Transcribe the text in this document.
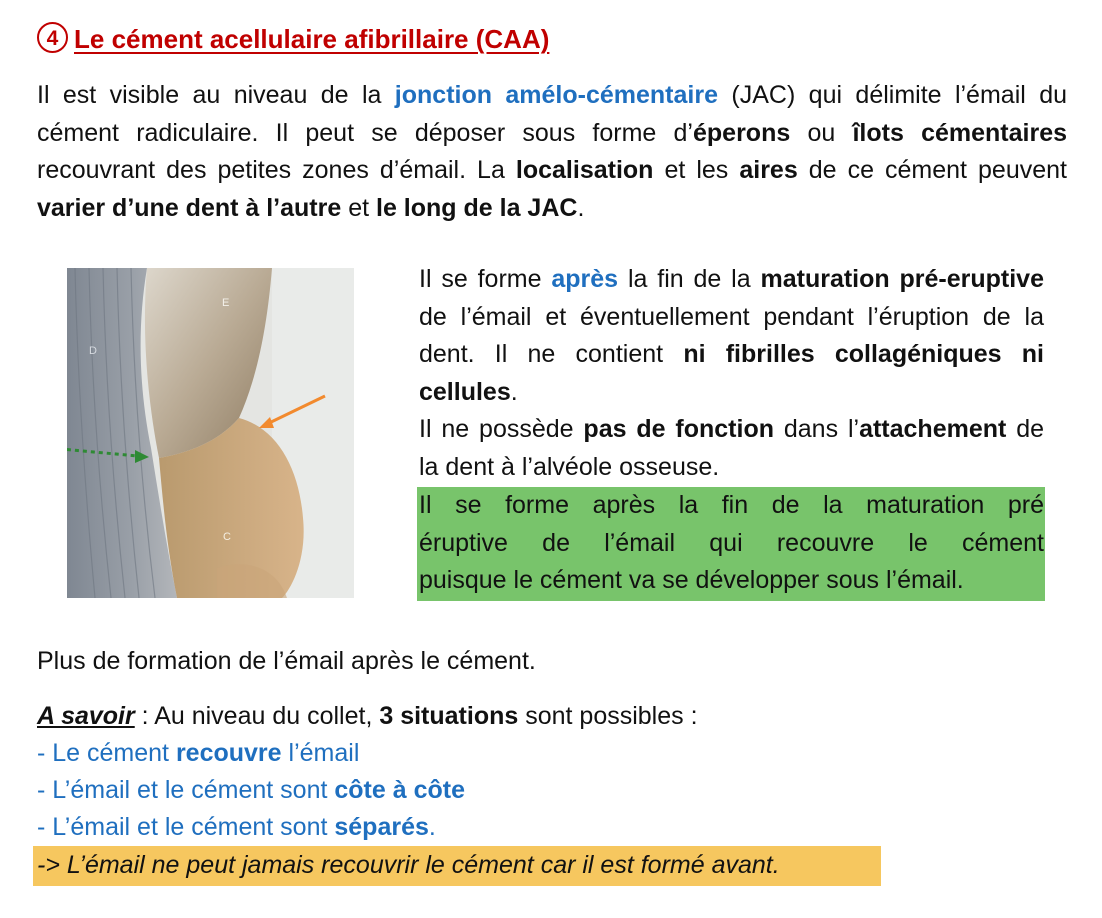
4 Le cément acellulaire afibrillaire (CAA)
Il est visible au niveau de la jonction amélo-cémentaire (JAC) qui délimite l’émail du cément radiculaire. Il peut se déposer sous forme d’éperons ou îlots cémentaires recouvrant des petites zones d’émail. La localisation et les aires de ce cément peuvent varier d’une dent à l’autre et le long de la JAC.
E
D
C
Il se forme après la fin de la maturation pré-eruptive de l’émail et éventuellement pendant l’éruption de la dent. Il ne contient ni fibrilles collagéniques ni cellules.
Il ne possède pas de fonction dans l’attachement de la dent à l’alvéole osseuse.
Il se forme après la fin de la maturation pré
éruptive de l’émail qui recouvre le cément
puisque le cément va se développer sous l’émail.
Plus de formation de l’émail après le cément.
A savoir : Au niveau du collet, 3 situations sont possibles :
- Le cément recouvre l’émail
- L’émail et le cément sont côte à côte
- L’émail et le cément sont séparés.
-> L’émail ne peut jamais recouvrir le cément car il est formé avant.
